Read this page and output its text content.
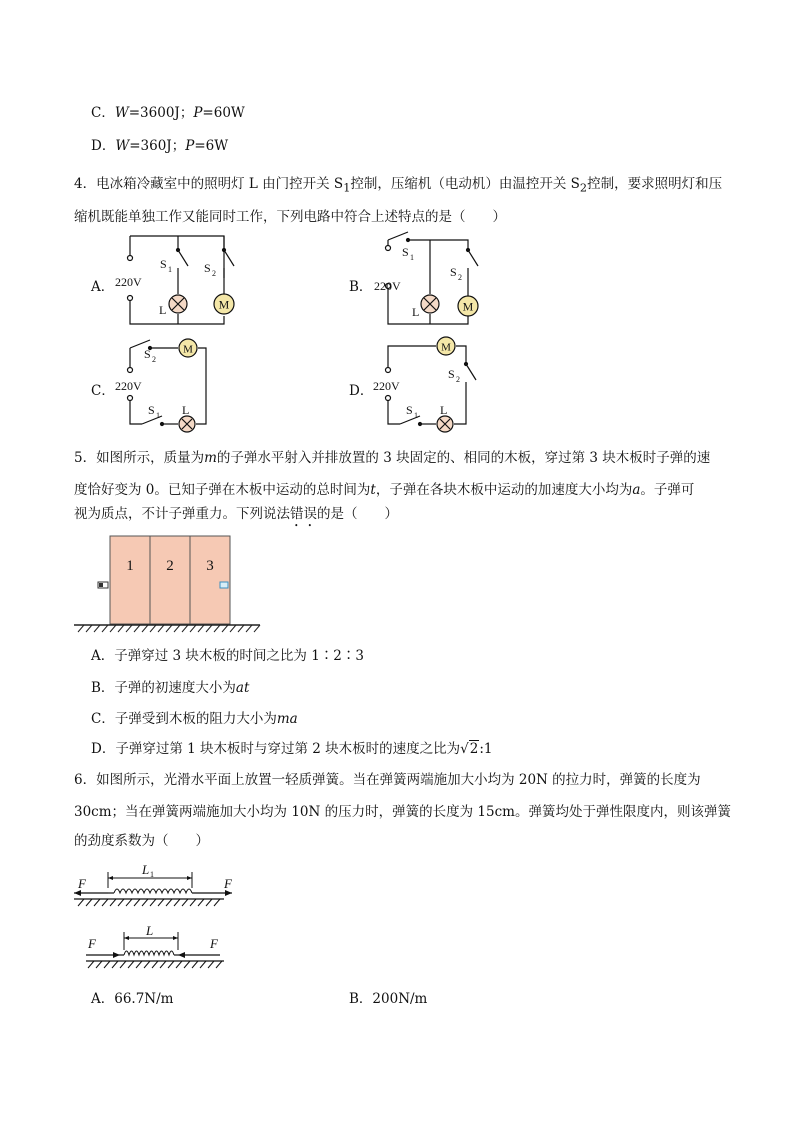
C．W=3600J；P=60W
D．W=360J；P=6W
4．电冰箱冷藏室中的照明灯 L 由门控开关 $S_1$控制，压缩机（电动机）由温控开关 $S_2$控制，要求照明灯和压
缩机既能单独工作又能同时工作，下列电路中符合上述特点的是（　　）
A．	B．
C．	D．
M
220V
S 1	S 2
L	M
220V
S 1
S 2
L
M
220V
S 2
S 1 L
M
220V
S 2
S 1 L
5．如图所示，质量为m的子弹水平射入并排放置的 3 块固定的、相同的木板，穿过第 3 块木板时子弹的速
度恰好变为 0。已知子弹在木板中运动的总时间为t，子弹在各块木板中运动的加速度大小均为a。子弹可
视为质点，不计子弹重力。下列说法错误的是（　　）
1 2 3
A．子弹穿过 3 块木板的时间之比为 1∶2∶3
B．子弹的初速度大小为at
C．子弹受到木板的阻力大小为ma
D．子弹穿过第 1 块木板时与穿过第 2 块木板时的速度之比为√2:1
6．如图所示，光滑水平面上放置一轻质弹簧。当在弹簧两端施加大小均为 20N 的拉力时，弹簧的长度为
30cm；当在弹簧两端施加大小均为 10N 的压力时，弹簧的长度为 15cm。弹簧均处于弹性限度内，则该弹簧
的劲度系数为（　　）
F	F
L 1
F	F
L
A．66.7N/m	B．200N/m
